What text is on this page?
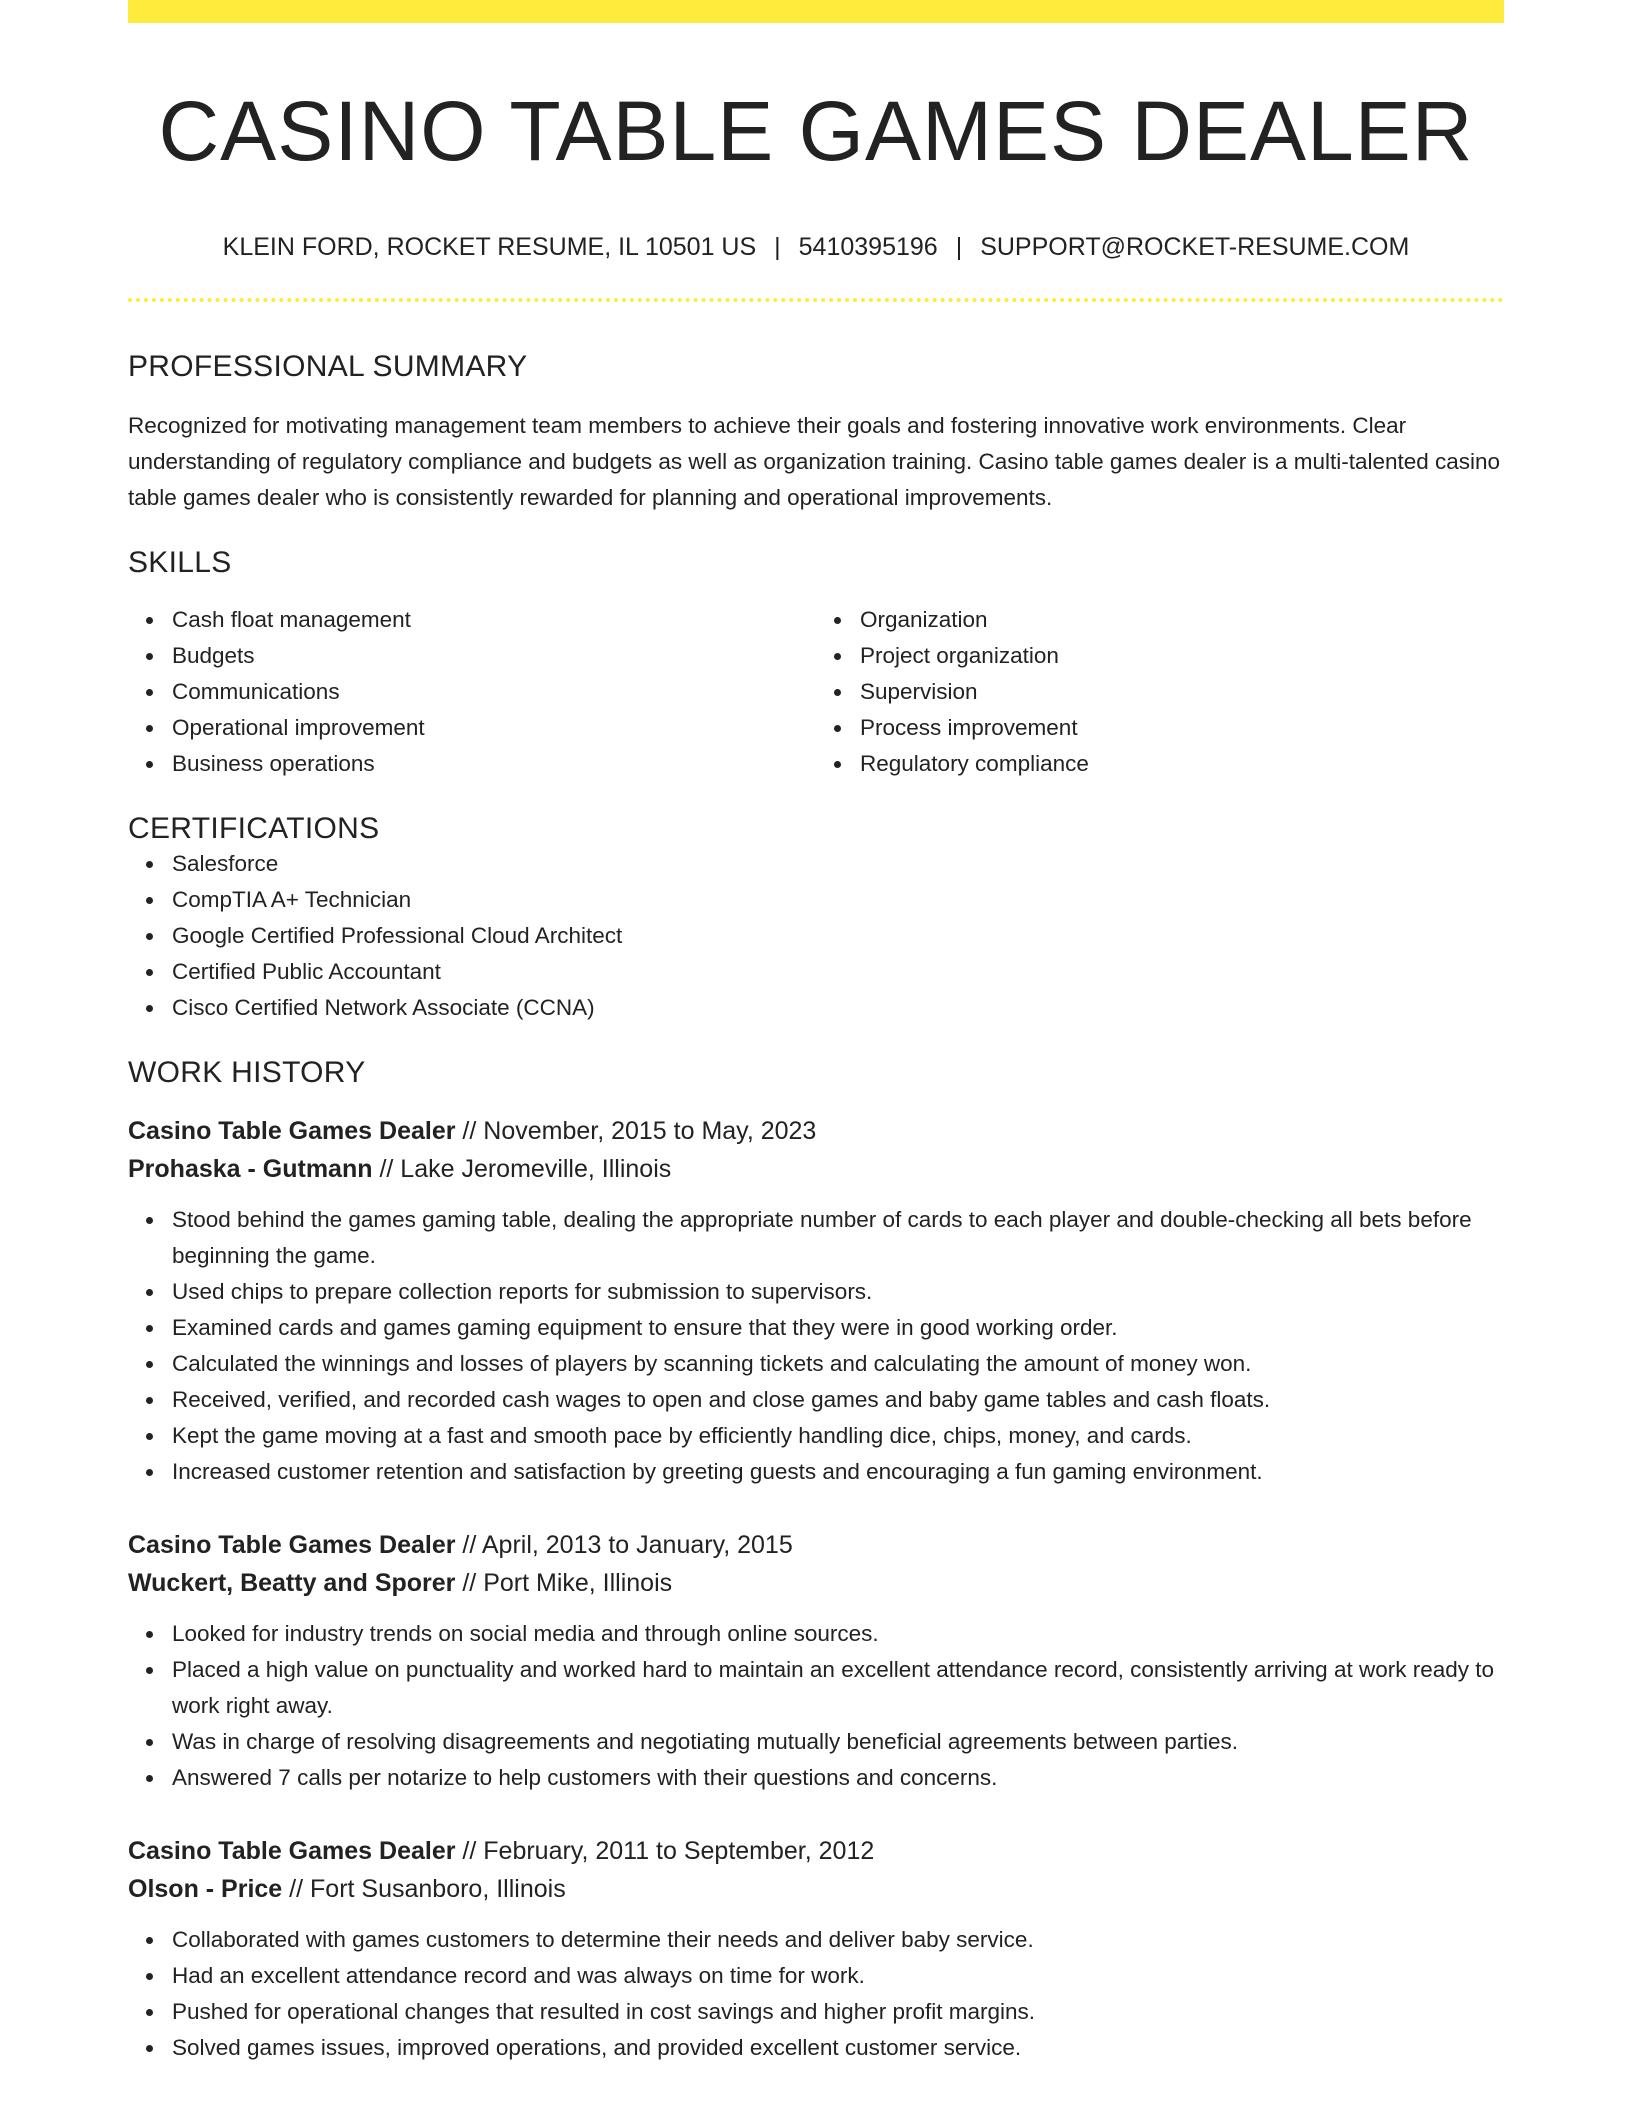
CASINO TABLE GAMES DEALER
KLEIN FORD, ROCKET RESUME, IL 10501 US | 5410395196 | SUPPORT@ROCKET-RESUME.COM
PROFESSIONAL SUMMARY

Recognized for motivating management team members to achieve their goals and fostering innovative work environments. Clear understanding of regulatory compliance and budgets as well as organization training. Casino table games dealer is a multi-talented casino table games dealer who is consistently rewarded for planning and operational improvements.

SKILLS
Cash float management
Budgets
Communications
Operational improvement
Business operations
Organization
Project organization
Supervision
Process improvement
Regulatory compliance
CERTIFICATIONS
Salesforce
CompTIA A+ Technician
Google Certified Professional Cloud Architect
Certified Public Accountant
Cisco Certified Network Associate (CCNA)
WORK HISTORY
Casino Table Games Dealer // November, 2015 to May, 2023
Prohaska - Gutmann // Lake Jeromeville, Illinois
Stood behind the games gaming table, dealing the appropriate number of cards to each player and double-checking all bets before beginning the game.
Used chips to prepare collection reports for submission to supervisors.
Examined cards and games gaming equipment to ensure that they were in good working order.
Calculated the winnings and losses of players by scanning tickets and calculating the amount of money won.
Received, verified, and recorded cash wages to open and close games and baby game tables and cash floats.
Kept the game moving at a fast and smooth pace by efficiently handling dice, chips, money, and cards.
Increased customer retention and satisfaction by greeting guests and encouraging a fun gaming environment.
Casino Table Games Dealer // April, 2013 to January, 2015
Wuckert, Beatty and Sporer // Port Mike, Illinois
Looked for industry trends on social media and through online sources.
Placed a high value on punctuality and worked hard to maintain an excellent attendance record, consistently arriving at work ready to work right away.
Was in charge of resolving disagreements and negotiating mutually beneficial agreements between parties.
Answered 7 calls per notarize to help customers with their questions and concerns.
Casino Table Games Dealer // February, 2011 to September, 2012
Olson - Price // Fort Susanboro, Illinois
Collaborated with games customers to determine their needs and deliver baby service.
Had an excellent attendance record and was always on time for work.
Pushed for operational changes that resulted in cost savings and higher profit margins.
Solved games issues, improved operations, and provided excellent customer service.
